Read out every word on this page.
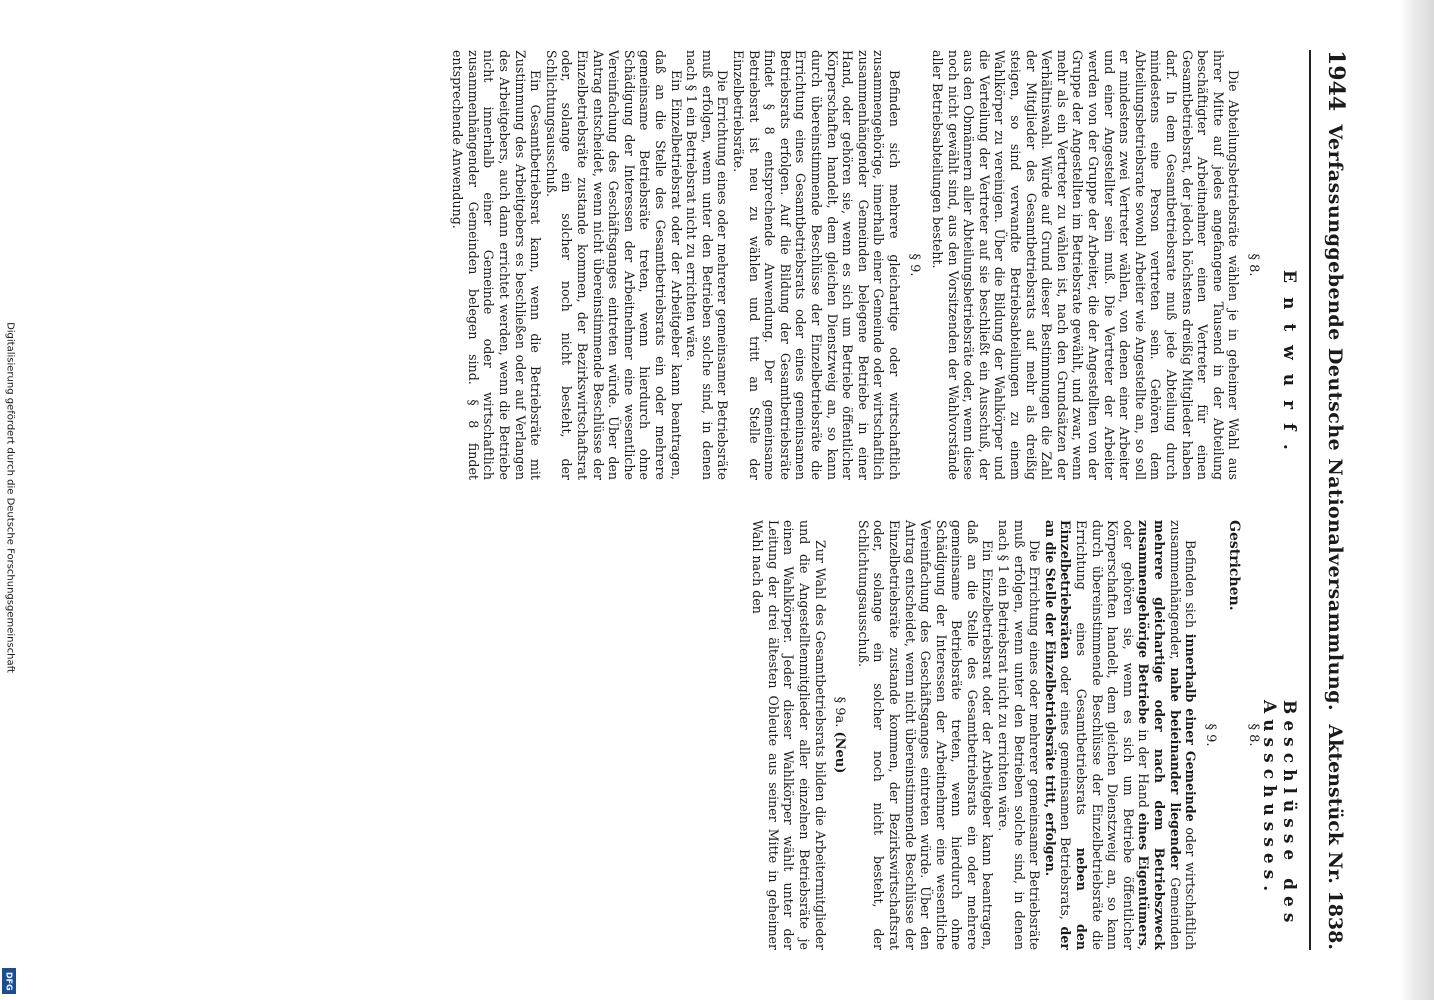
1944
Verfassunggebende Deutsche Nationalversammlung.
Aktenstück Nr. 1838.
Entwurf.
Beschlüsse des Ausschusses.
§ 8.

Die Abteilungsbetriebsräte wählen je in geheimer Wahl aus ihrer Mitte auf jedes angefangene Tausend in der Abteilung beschäftigter Arbeitnehmer einen Vertreter für einen Gesamtbetriebsrat, der jedoch höchstens dreißig Mitglieder haben darf. In dem Gesamtbetriebsrate muß jede Abteilung durch mindestens eine Person vertreten sein. Gehören dem Abteilungsbetriebsrate sowohl Arbeiter wie Angestellte an, so soll er mindestens zwei Vertreter wählen, von denen einer Arbeiter und einer Angestellter sein muß. Die Vertreter der Arbeiter werden von der Gruppe der Arbeiter, die der Angestellten von der Gruppe der Angestellten im Betriebsrate gewählt, und zwar, wenn mehr als ein Vertreter zu wählen ist, nach den Grundsätzen der Verhältniswahl. Würde auf Grund dieser Bestimmungen die Zahl der Mitglieder des Gesamtbetriebsrats auf mehr als dreißig steigen, so sind verwandte Betriebsabteilungen zu einem Wahlkörper zu vereinigen. Über die Bildung der Wahlkörper und die Verteilung der Vertreter auf sie beschließt ein Ausschuß, der aus den Obmännern aller Abteilungsbetriebsräte oder, wenn diese noch nicht gewählt sind, aus den Vorsitzenden der Wahlvorstände aller Betriebsabteilungen besteht.

§ 9.

Befinden sich mehrere gleichartige oder wirtschaftlich zusammengehörige, innerhalb einer Gemeinde oder wirtschaftlich zusammenhängender Gemeinden belegene Betriebe in einer Hand, oder gehören sie, wenn es sich um Betriebe öffentlicher Körperschaften handelt, dem gleichen Dienstzweig an, so kann durch übereinstimmende Beschlüsse der Einzelbetriebsräte die Errichtung eines Gesamtbetriebsrats oder eines gemeinsamen Betriebsrats erfolgen. Auf die Bildung der Gesamtbetriebsräte findet § 8 entsprechende Anwendung. Der gemeinsame Betriebsrat ist neu zu wählen und tritt an Stelle der Einzelbetriebsräte.

Die Errichtung eines oder mehrerer gemeinsamer Betriebsräte muß erfolgen, wenn unter den Betrieben solche sind, in denen nach § 1 ein Betriebsrat nicht zu errichten wäre.

Ein Einzelbetriebsrat oder der Arbeitgeber kann beantragen, daß an die Stelle des Gesamtbetriebsrats ein oder mehrere gemeinsame Betriebsräte treten, wenn hierdurch ohne Schädigung der Interessen der Arbeitnehmer eine wesentliche Vereinfachung des Geschäftsganges eintreten würde. Über den Antrag entscheidet, wenn nicht übereinstimmende Beschlüsse der Einzelbetriebsräte zustande kommen, der Bezirkswirtschaftsrat oder, solange ein solcher noch nicht besteht, der Schlichtungsausschuß.

Ein Gesamtbetriebsrat kann, wenn die Betriebsräte mit Zustimmung des Arbeitgebers es beschließen oder auf Verlangen des Arbeitgebers, auch dann errichtet werden, wenn die Betriebe nicht innerhalb einer Gemeinde oder wirtschaftlich zusammenhängender Gemeinden belegen sind. § 8 findet entsprechende Anwendung.

§ 8.

Gestrichen.

§ 9.

Befinden sich innerhalb einer Gemeinde oder wirtschaftlich zusammenhängender, nahe beieinander liegender Gemeinden mehrere gleichartige oder nach dem Betriebszweck zusammengehörige Betriebe in der Hand eines Eigentümers, oder gehören sie, wenn es sich um Betriebe öffentlicher Körperschaften handelt, dem gleichen Dienstzweig an, so kann durch übereinstimmende Beschlüsse der Einzelbetriebsräte die Errichtung eines Gesamtbetriebsrats neben den Einzelbetriebsräten oder eines gemeinsamen Betriebsrats, der an die Stelle der Einzelbetriebsräte tritt, erfolgen.

Die Errichtung eines oder mehrerer gemeinsamer Betriebsräte muß erfolgen, wenn unter den Betrieben solche sind, in denen nach § 1 ein Betriebsrat nicht zu errichten wäre.

Ein Einzelbetriebsrat oder der Arbeitgeber kann beantragen, daß an die Stelle des Gesamtbetriebsrats ein oder mehrere gemeinsame Betriebsräte treten, wenn hierdurch ohne Schädigung der Interessen der Arbeitnehmer eine wesentliche Vereinfachung des Geschäftsganges eintreten würde. Über den Antrag entscheidet, wenn nicht übereinstimmende Beschlüsse der Einzelbetriebsräte zustande kommen, der Bezirkswirtschaftsrat oder, solange ein solcher noch nicht besteht, der Schlichtungsausschuß.

§ 9a. (Neu)

Zur Wahl des Gesamtbetriebsrats bilden die Arbeitermitglieder und die Angestelltenmitglieder aller einzelnen Betriebsräte je einen Wahlkörper. Jeder dieser Wahlkörper wählt unter der Leitung der drei ältesten Obleute aus seiner Mitte in geheimer Wahl nach den

Digitalisierung gefördert durch die Deutsche Forschungsgemeinschaft
DFG
